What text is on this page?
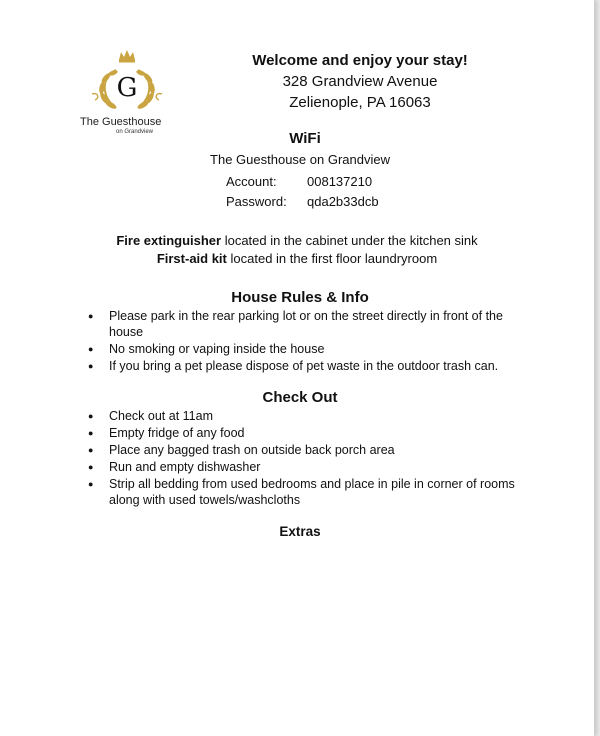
G
The Guesthouse
on Grandview
Welcome and enjoy your stay!
328 Grandview Avenue
Zelienople, PA 16063
WiFi
The Guesthouse on Grandview
Account: 008137210
Password: qda2b33dcb
Fire extinguisher located in the cabinet under the kitchen sink
First-aid kit located in the first floor laundryroom
House Rules & Info
● Please park in the rear parking lot or on the street directly in front of the house
● No smoking or vaping inside the house
● If you bring a pet please dispose of pet waste in the outdoor trash can.
Check Out
● Check out at 11am
● Empty fridge of any food
● Place any bagged trash on outside back porch area
● Run and empty dishwasher
● Strip all bedding from used bedrooms and place in pile in corner of rooms along with used towels/washcloths
Extras
